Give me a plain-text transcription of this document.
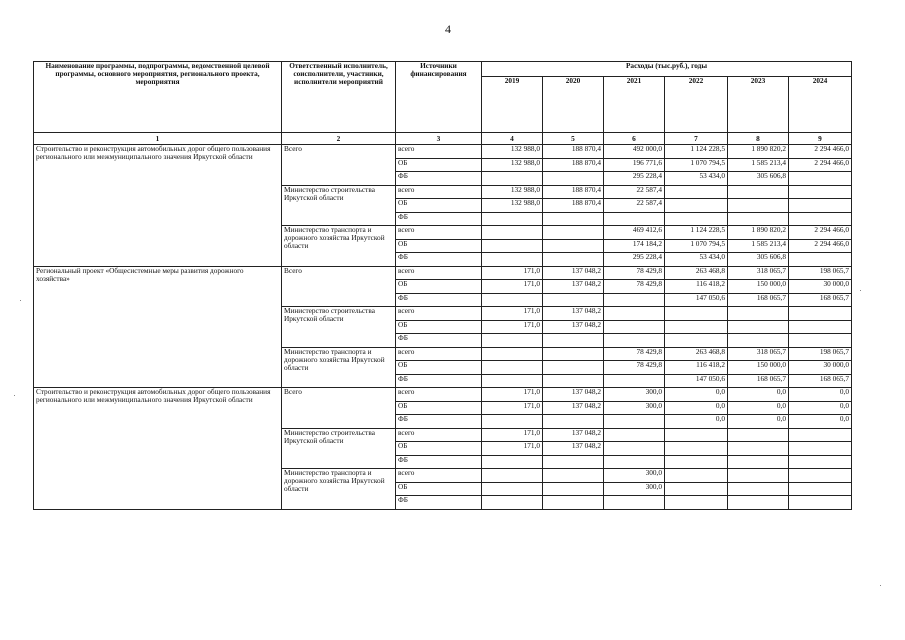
4
Наименование программы, подпрограммы, ведомственной целевой программы, основного мероприятия, регионального проекта, мероприятия	Ответственный исполнитель, соисполнители, участники, исполнители мероприятий	Источники финансирования	Расходы (тыс.руб.), годы					
			2019	2020	2021	2022	2023	2024
1	2	3	4	5	6	7	8	9
Строительство и реконструкция автомобильных дорог общего пользования регионального или межмуниципального значения Иркутской области	Всего	всего	132 988,0	188 870,4	492 000,0	1 124 228,5	1 890 820,2	2 294 466,0
		ОБ	132 988,0	188 870,4	196 771,6	1 070 794,5	1 585 213,4	2 294 466,0
		ФБ			295 228,4	53 434,0	305 606,8	
	Министерство строительства Иркутской области	всего	132 988,0	188 870,4	22 587,4			
		ОБ	132 988,0	188 870,4	22 587,4			
		ФБ						
	Министерство транспорта и дорожного хозяйства Иркутской области	всего			469 412,6	1 124 228,5	1 890 820,2	2 294 466,0
		ОБ			174 184,2	1 070 794,5	1 585 213,4	2 294 466,0
		ФБ			295 228,4	53 434,0	305 606,8	
Региональный проект «Общесистемные меры развития дорожного хозяйства»	Всего	всего	171,0	137 048,2	78 429,8	263 468,8	318 065,7	198 065,7
		ОБ	171,0	137 048,2	78 429,8	116 418,2	150 000,0	30 000,0
		ФБ				147 050,6	168 065,7	168 065,7
	Министерство строительства Иркутской области	всего	171,0	137 048,2				
		ОБ	171,0	137 048,2				
		ФБ						
	Министерство транспорта и дорожного хозяйства Иркутской области	всего			78 429,8	263 468,8	318 065,7	198 065,7
		ОБ			78 429,8	116 418,2	150 000,0	30 000,0
		ФБ				147 050,6	168 065,7	168 065,7
Строительство и реконструкция автомобильных дорог общего пользования регионального или межмуниципального значения Иркутской области	Всего	всего	171,0	137 048,2	300,0	0,0	0,0	0,0
		ОБ	171,0	137 048,2	300,0	0,0	0,0	0,0
		ФБ				0,0	0,0	0,0
	Министерство строительства Иркутской области	всего	171,0	137 048,2				
		ОБ	171,0	137 048,2				
		ФБ						
	Министерство транспорта и дорожного хозяйства Иркутской области	всего			300,0			
		ОБ			300,0			
		ФБ						
